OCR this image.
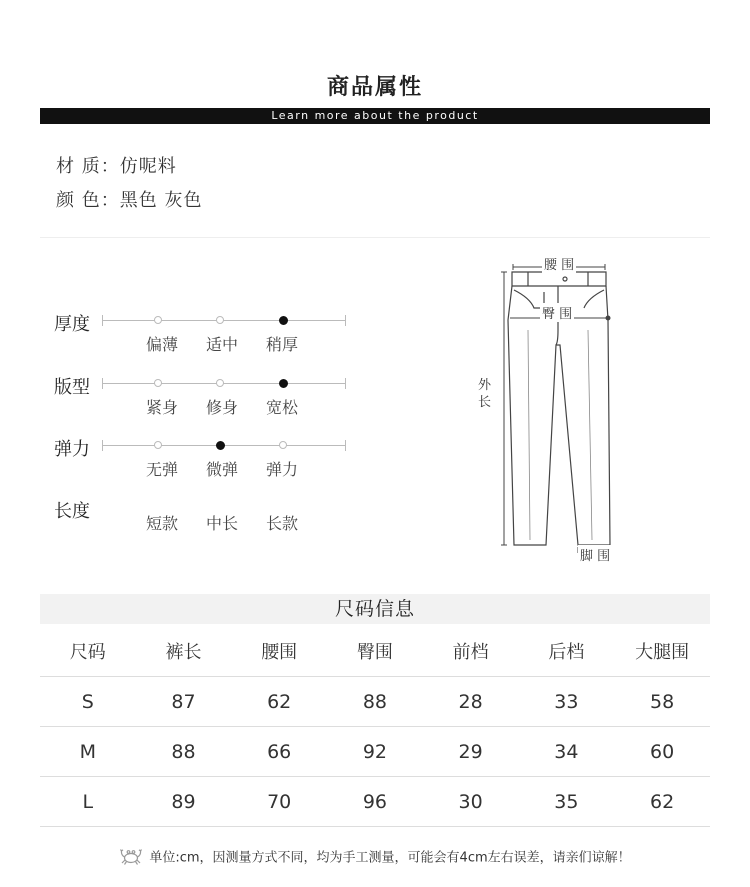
商品属性
Learn more about the product
材 质：仿呢料
颜 色：黑色 灰色
厚度
偏薄	适中	稍厚
版型
紧身	修身	宽松
弹力
无弹	微弹	弹力
长度
短款	中长	长款
腰 围
臀 围
外
长
脚 围
尺码信息
尺码	裤长	腰围	臀围	前档	后档	大腿围
S	87	62	88	28	33	58
M	88	66	92	29	34	60
L	89	70	96	30	35	62
单位:cm，因测量方式不同，均为手工测量，可能会有4cm左右误差，请亲们谅解！
